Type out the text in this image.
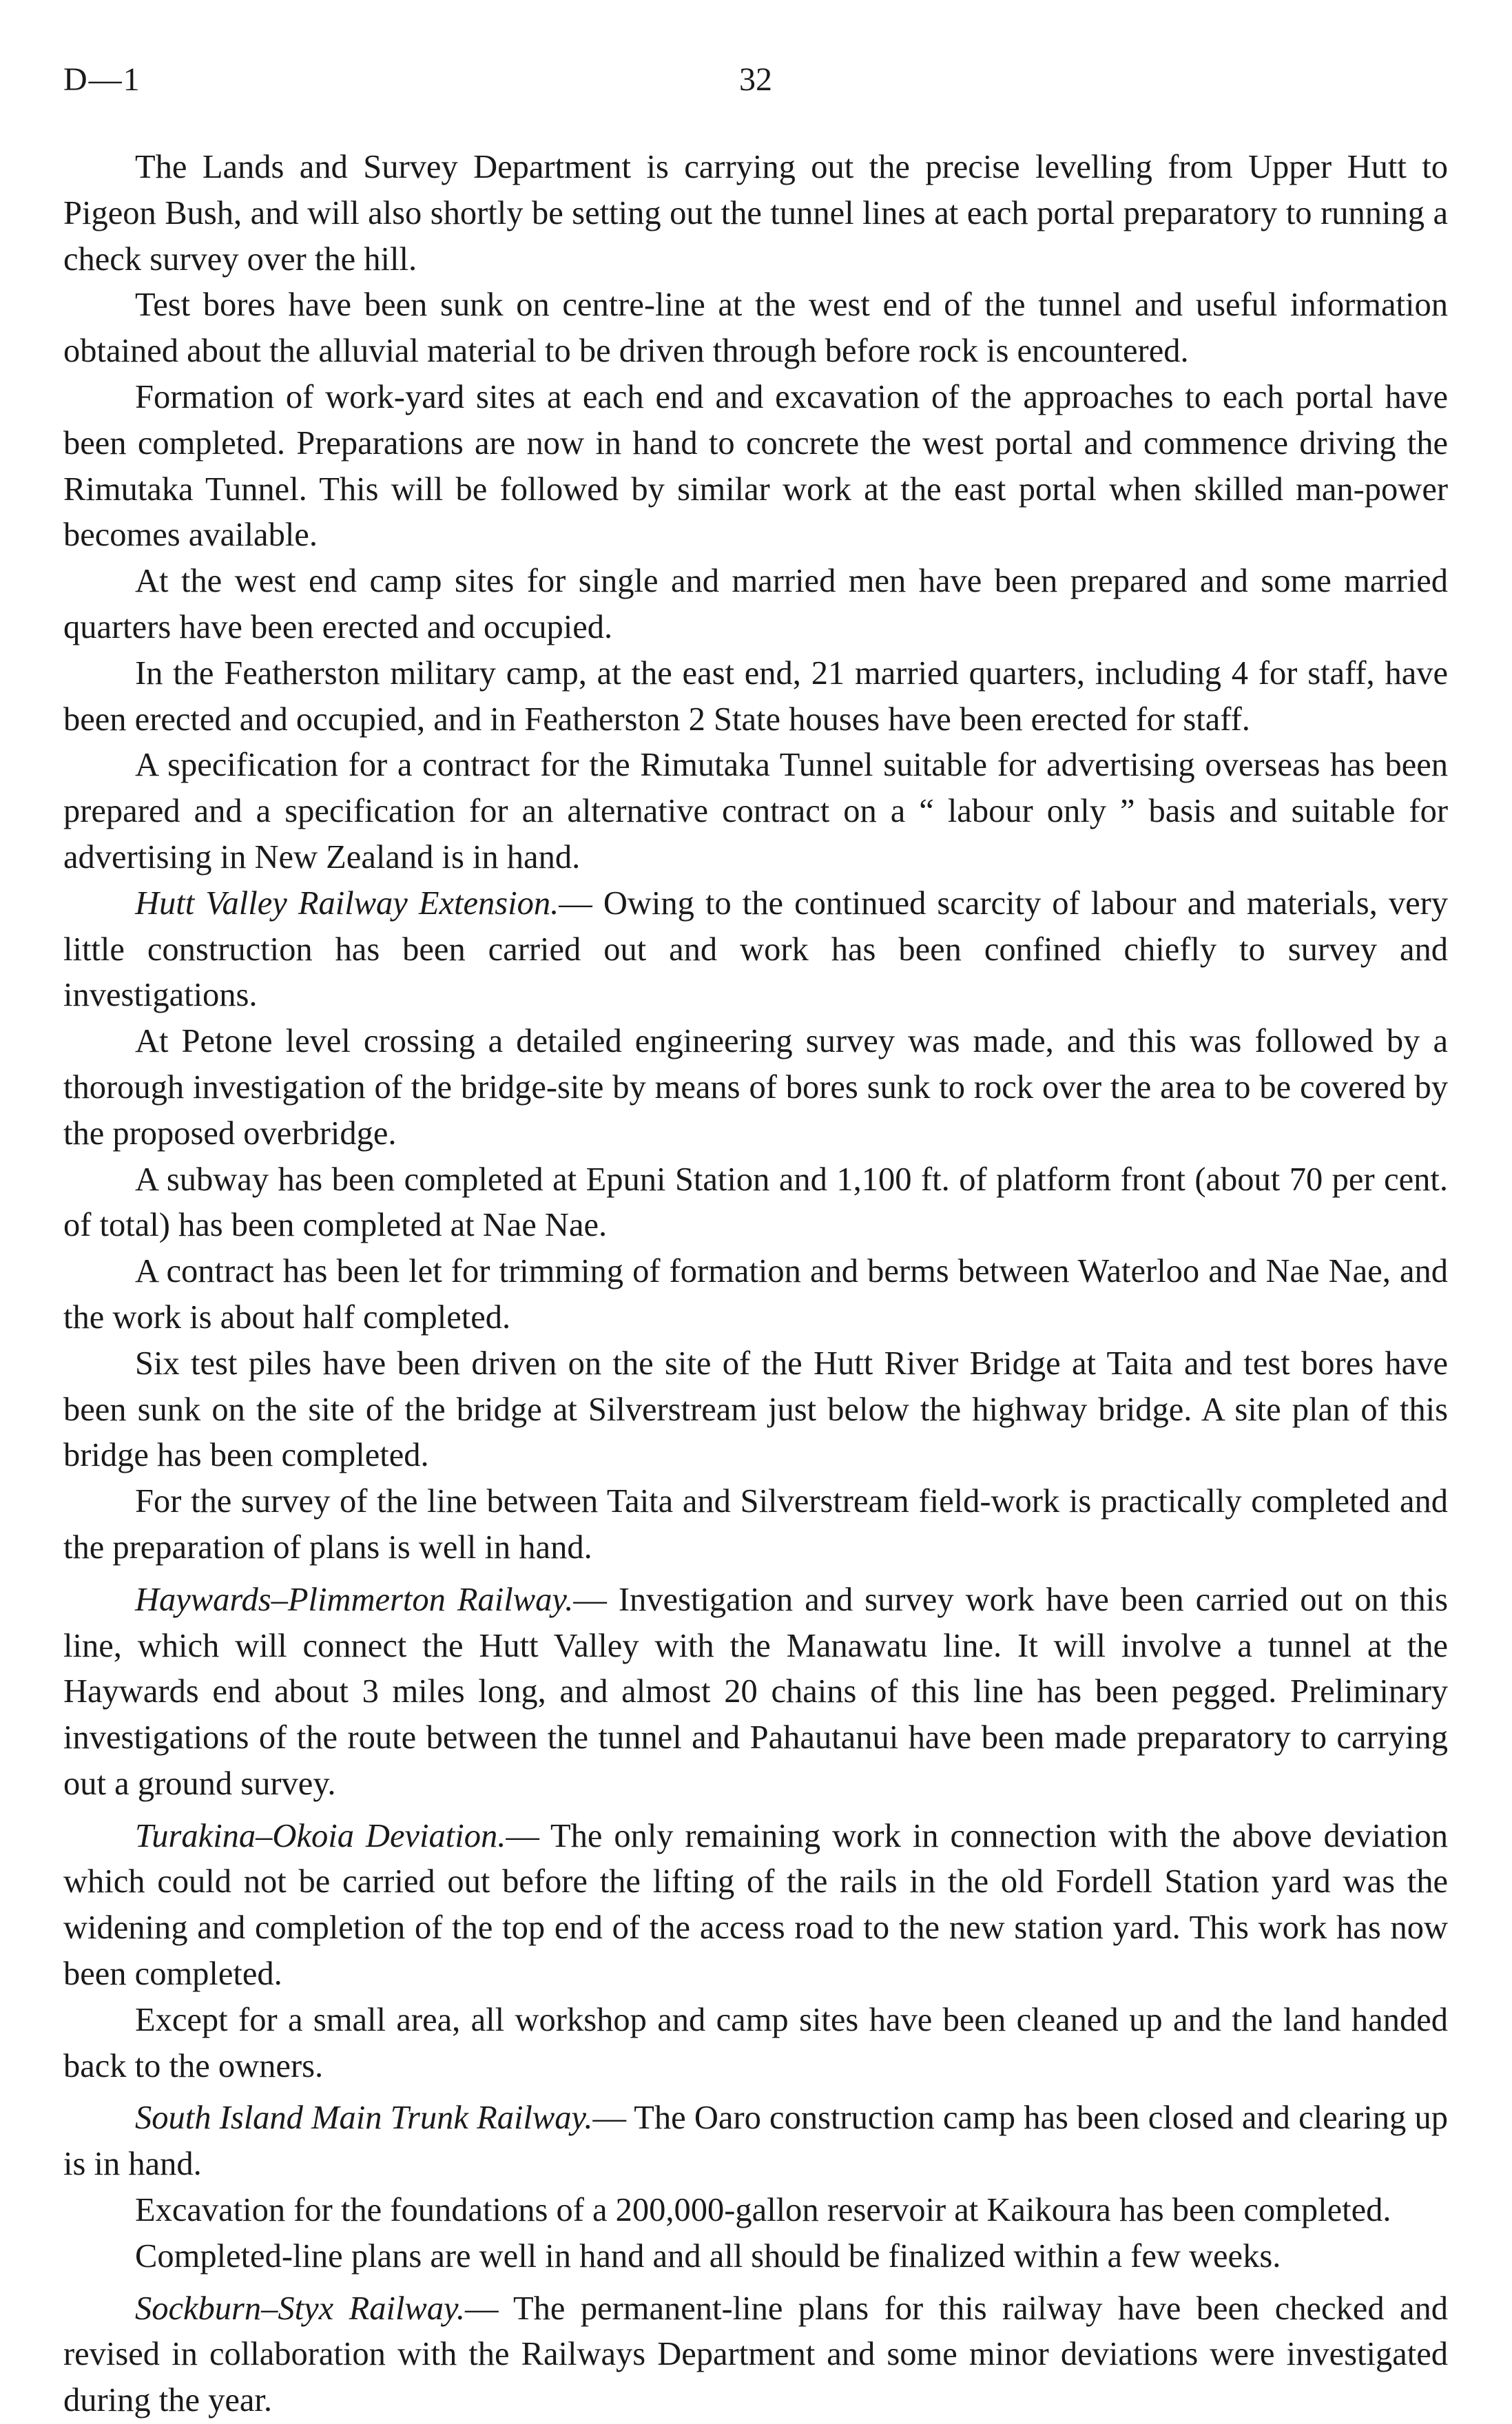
D—1	32

The Lands and Survey Department is carrying out the precise levelling from Upper Hutt to Pigeon Bush, and will also shortly be setting out the tunnel lines at each portal preparatory to running a check survey over the hill.

Test bores have been sunk on centre-line at the west end of the tunnel and useful information obtained about the alluvial material to be driven through before rock is encountered.

Formation of work-yard sites at each end and excavation of the approaches to each portal have been completed. Preparations are now in hand to concrete the west portal and commence driving the Rimutaka Tunnel. This will be followed by similar work at the east portal when skilled man-power becomes available.

At the west end camp sites for single and married men have been prepared and some married quarters have been erected and occupied.

In the Featherston military camp, at the east end, 21 married quarters, including 4 for staff, have been erected and occupied, and in Featherston 2 State houses have been erected for staff.

A specification for a contract for the Rimutaka Tunnel suitable for advertising overseas has been prepared and a specification for an alternative contract on a “ labour only ” basis and suitable for advertising in New Zealand is in hand.

Hutt Valley Railway Extension.— Owing to the continued scarcity of labour and materials, very little construction has been carried out and work has been confined chiefly to survey and investigations.

At Petone level crossing a detailed engineering survey was made, and this was followed by a thorough investigation of the bridge-site by means of bores sunk to rock over the area to be covered by the proposed overbridge.

A subway has been completed at Epuni Station and 1,100 ft. of platform front (about 70 per cent. of total) has been completed at Nae Nae.

A contract has been let for trimming of formation and berms between Waterloo and Nae Nae, and the work is about half completed.

Six test piles have been driven on the site of the Hutt River Bridge at Taita and test bores have been sunk on the site of the bridge at Silverstream just below the highway bridge. A site plan of this bridge has been completed.

For the survey of the line between Taita and Silverstream field-work is practically completed and the preparation of plans is well in hand.

Haywards–Plimmerton Railway.— Investigation and survey work have been carried out on this line, which will connect the Hutt Valley with the Manawatu line. It will involve a tunnel at the Haywards end about 3 miles long, and almost 20 chains of this line has been pegged. Preliminary investigations of the route between the tunnel and Pahautanui have been made preparatory to carrying out a ground survey.

Turakina–Okoia Deviation.— The only remaining work in connection with the above deviation which could not be carried out before the lifting of the rails in the old Fordell Station yard was the widening and completion of the top end of the access road to the new station yard. This work has now been completed.

Except for a small area, all workshop and camp sites have been cleaned up and the land handed back to the owners.

South Island Main Trunk Railway.— The Oaro construction camp has been closed and clearing up is in hand.

Excavation for the foundations of a 200,000-gallon reservoir at Kaikoura has been completed.

Completed-line plans are well in hand and all should be finalized within a few weeks.

Sockburn–Styx Railway.— The permanent-line plans for this railway have been checked and revised in collaboration with the Railways Department and some minor deviations were investigated during the year.
